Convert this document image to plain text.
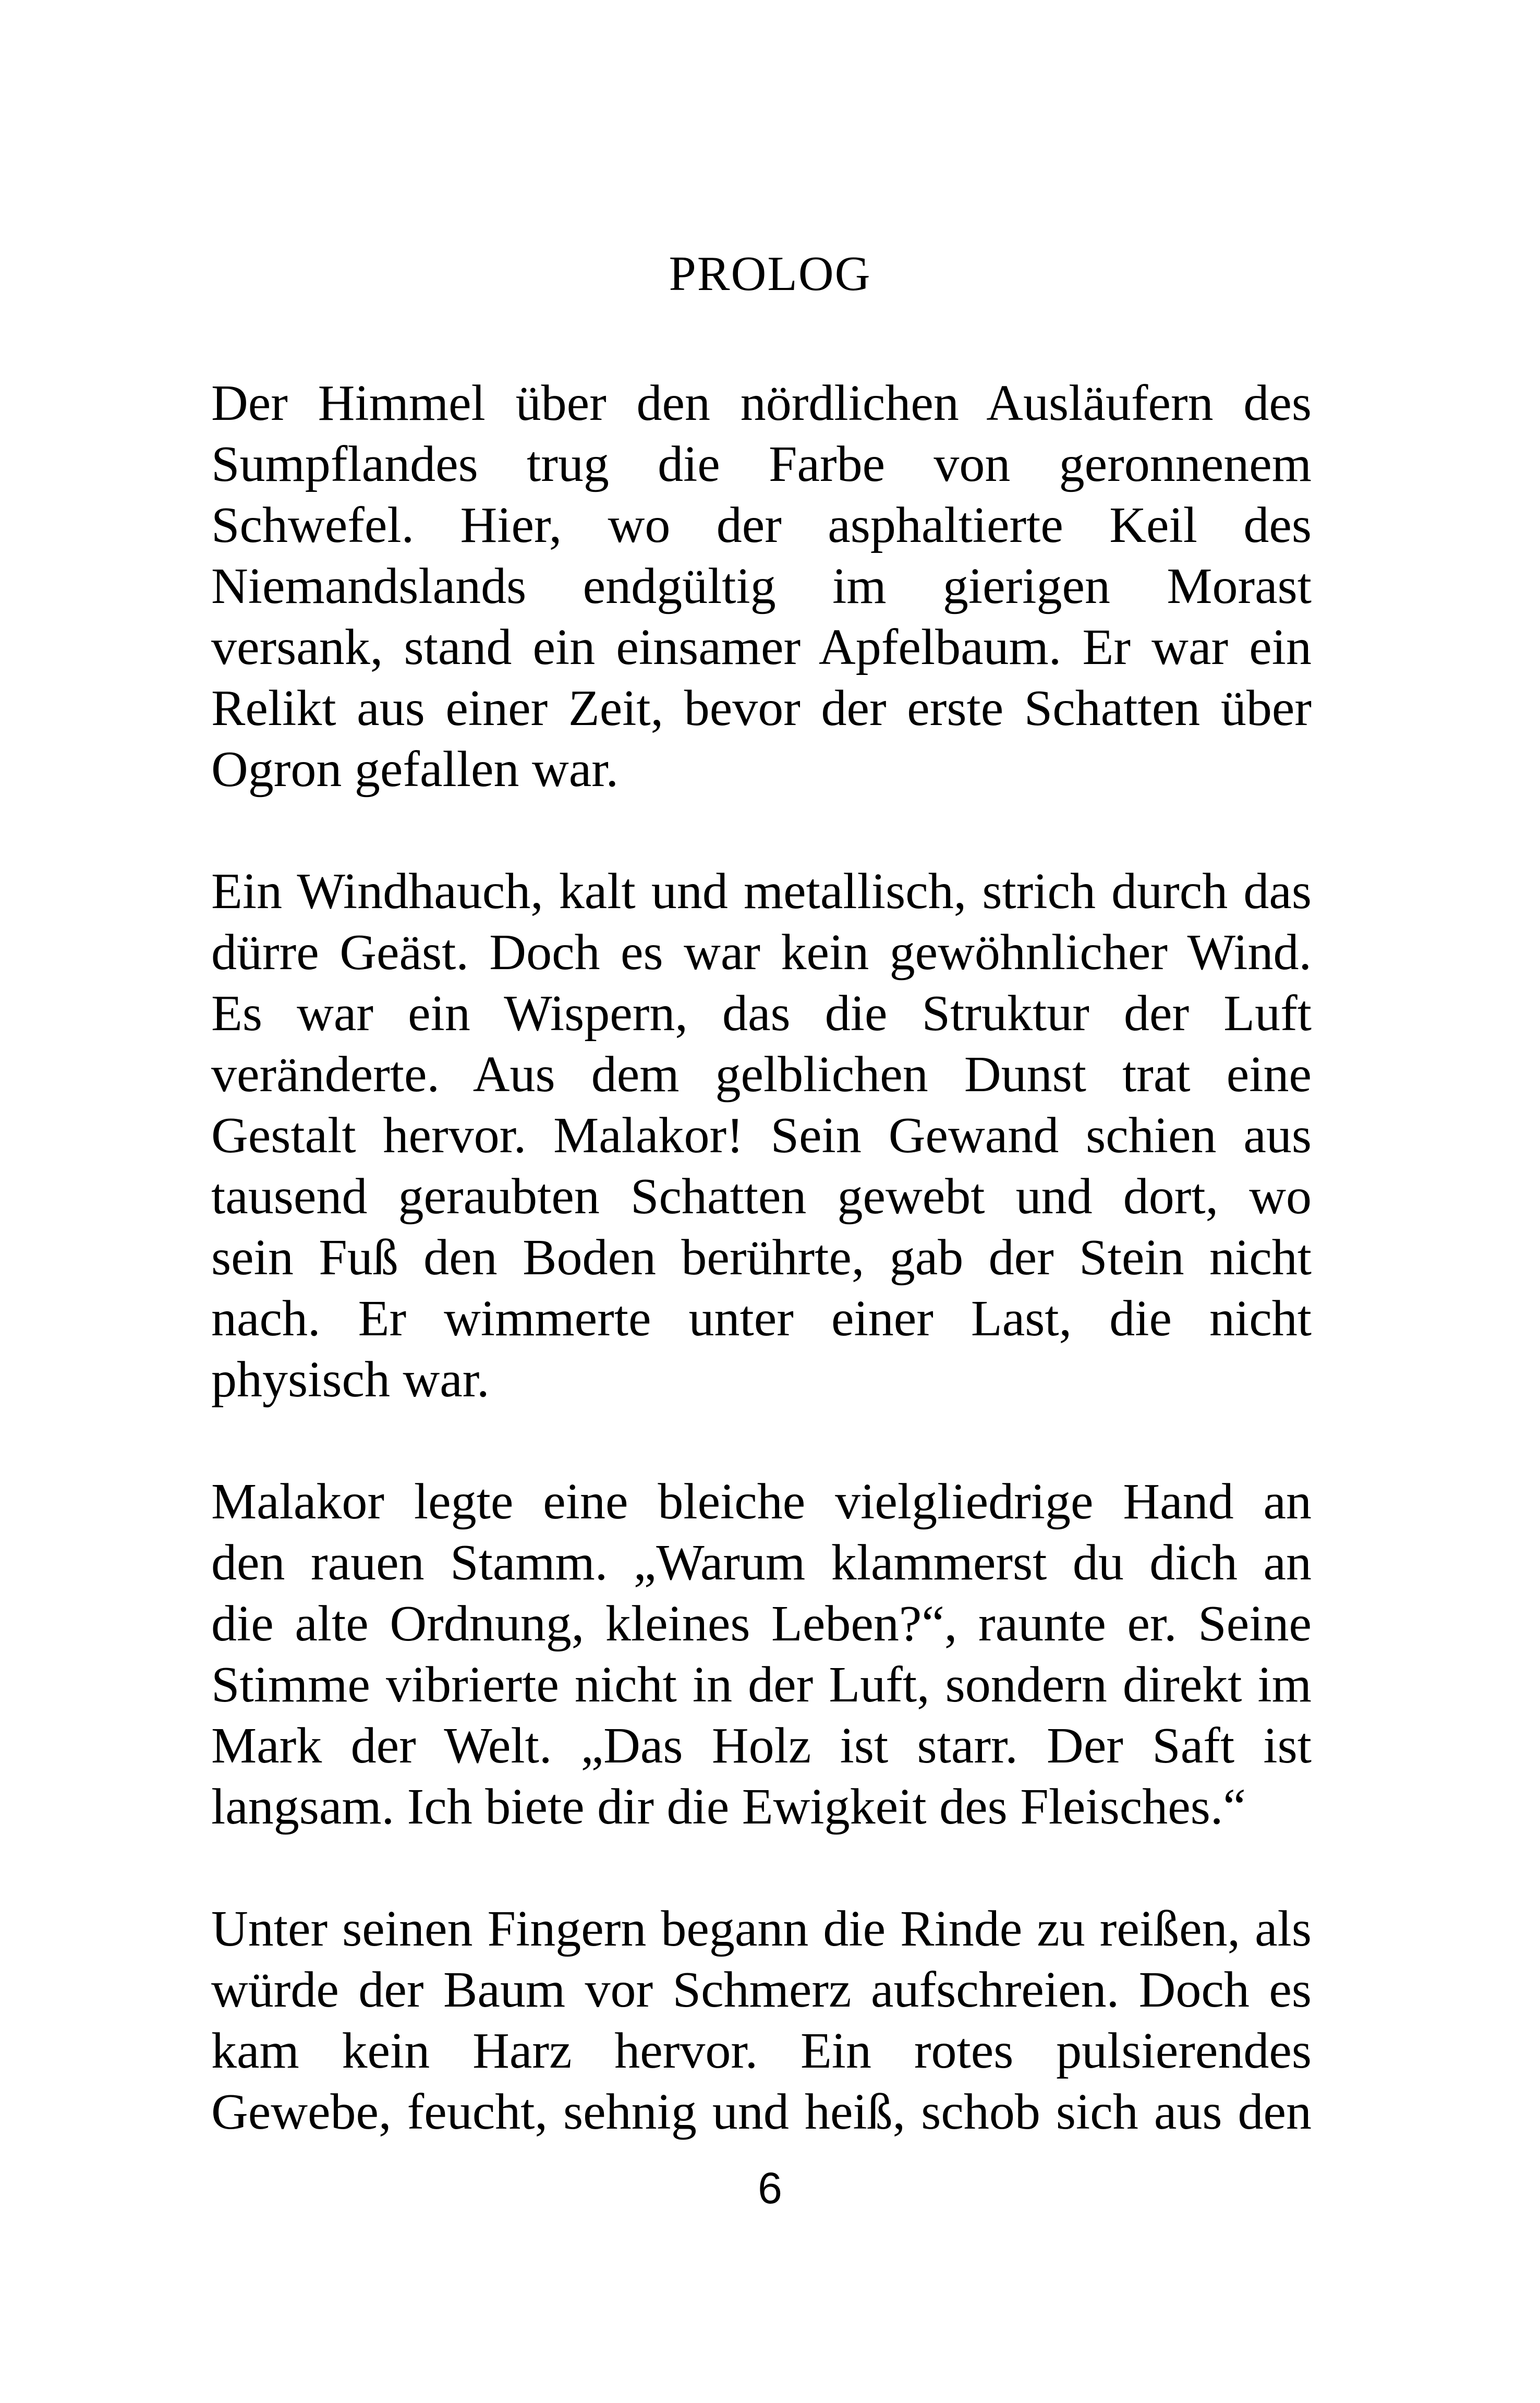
PROLOG

Der Himmel über den nördlichen Ausläufern des
Sumpflandes trug die Farbe von geronnenem
Schwefel. Hier, wo der asphaltierte Keil des
Niemandslands endgültig im gierigen Morast
versank, stand ein einsamer Apfelbaum. Er war ein
Relikt aus einer Zeit, bevor der erste Schatten über
Ogron gefallen war.

Ein Windhauch, kalt und metallisch, strich durch das
dürre Geäst. Doch es war kein gewöhnlicher Wind.
Es war ein Wispern, das die Struktur der Luft
veränderte. Aus dem gelblichen Dunst trat eine
Gestalt hervor. Malakor! Sein Gewand schien aus
tausend geraubten Schatten gewebt und dort, wo
sein Fuß den Boden berührte, gab der Stein nicht
nach. Er wimmerte unter einer Last, die nicht
physisch war.

Malakor legte eine bleiche vielgliedrige Hand an
den rauen Stamm. „Warum klammerst du dich an
die alte Ordnung, kleines Leben?“, raunte er. Seine
Stimme vibrierte nicht in der Luft, sondern direkt im
Mark der Welt. „Das Holz ist starr. Der Saft ist
langsam. Ich biete dir die Ewigkeit des Fleisches.“

Unter seinen Fingern begann die Rinde zu reißen, als
würde der Baum vor Schmerz aufschreien. Doch es
kam kein Harz hervor. Ein rotes pulsierendes
Gewebe, feucht, sehnig und heiß, schob sich aus den

6
